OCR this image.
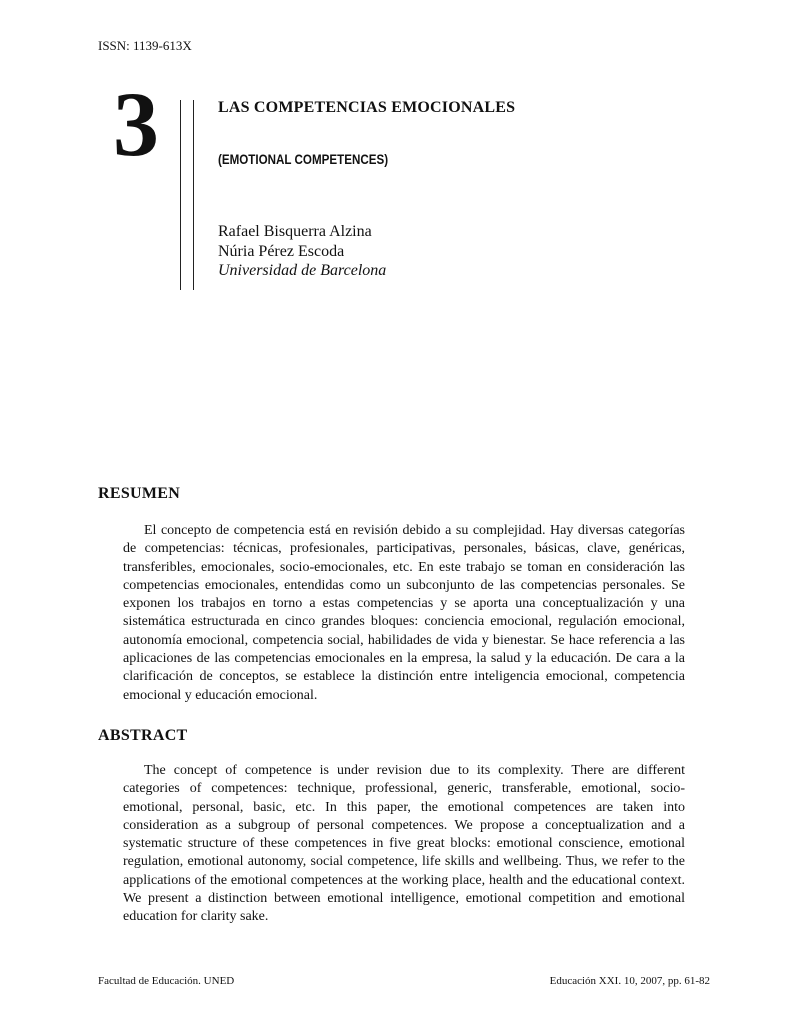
ISSN: 1139-613X
3	LAS COMPETENCIAS EMOCIONALES
(EMOTIONAL COMPETENCES)
Rafael Bisquerra Alzina
Núria Pérez Escoda
Universidad de Barcelona
RESUMEN
El concepto de competencia está en revisión debido a su complejidad. Hay diversas categorías de competencias: técnicas, profesionales, participativas, personales, básicas, clave, genéricas, transferibles, emocionales, socio-emocionales, etc. En este trabajo se toman en consideración las competencias emocionales, entendidas como un subconjunto de las competencias personales. Se exponen los trabajos en torno a estas competencias y se aporta una conceptualización y una sistemática estructurada en cinco grandes bloques: conciencia emocional, regulación emocional, autonomía emocional, competencia social, habilidades de vida y bienestar. Se hace referencia a las aplicaciones de las competencias emocionales en la empresa, la salud y la educación. De cara a la clarificación de conceptos, se establece la distinción entre inteligencia emocional, competencia emocional y educación emocional.
ABSTRACT
The concept of competence is under revision due to its complexity. There are different categories of competences: technique, professional, generic, transferable, emotional, socio-emotional, personal, basic, etc. In this paper, the emotional competences are taken into consideration as a subgroup of personal competences. We propose a conceptualization and a systematic structure of these competences in five great blocks: emotional conscience, emotional regulation, emotional autonomy, social competence, life skills and wellbeing. Thus, we refer to the applications of the emotional competences at the working place, health and the educational context. We present a distinction between emotional intelligence, emotional competition and emotional education for clarity sake.
Facultad de Educación. UNED	Educación XXI. 10, 2007, pp. 61-82
